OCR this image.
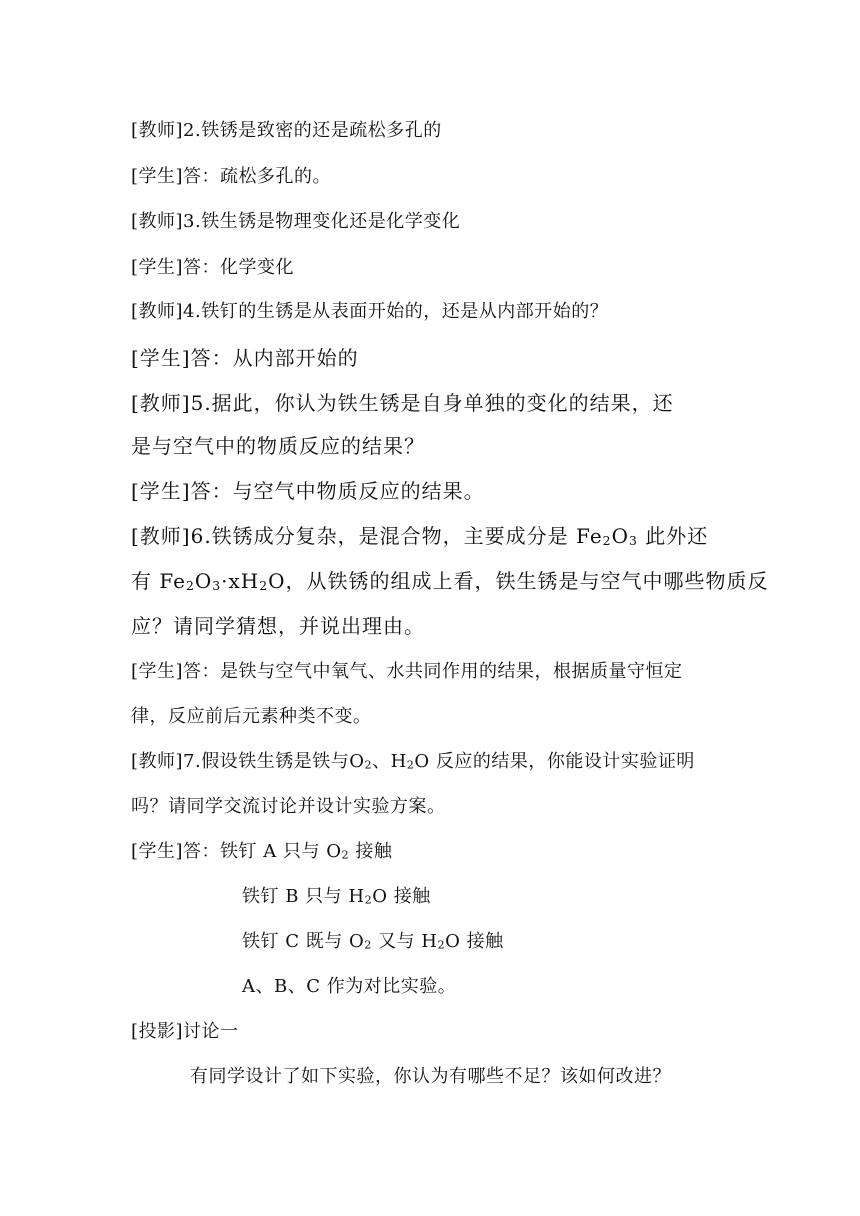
[教师]2.铁锈是致密的还是疏松多孔的
[学生]答：疏松多孔的。
[教师]3.铁生锈是物理变化还是化学变化
[学生]答：化学变化
[教师]4.铁钉的生锈是从表面开始的，还是从内部开始的？
[学生]答：从内部开始的
[教师]5.据此，你认为铁生锈是自身单独的变化的结果，还
是与空气中的物质反应的结果？
[学生]答：与空气中物质反应的结果。
[教师]6.铁锈成分复杂，是混合物，主要成分是 Fe2O3 此外还
有 Fe2O3·xH2O，从铁锈的组成上看，铁生锈是与空气中哪些物质反
应？请同学猜想，并说出理由。
[学生]答：是铁与空气中氧气、水共同作用的结果，根据质量守恒定
律，反应前后元素种类不变。
[教师]7.假设铁生锈是铁与O2、H2O 反应的结果，你能设计实验证明
吗？请同学交流讨论并设计实验方案。
[学生]答：铁钉 A 只与 O2 接触
铁钉 B 只与 H2O 接触
铁钉 C 既与 O2 又与 H2O 接触
A、B、C 作为对比实验。
[投影]讨论一
有同学设计了如下实验，你认为有哪些不足？该如何改进？
